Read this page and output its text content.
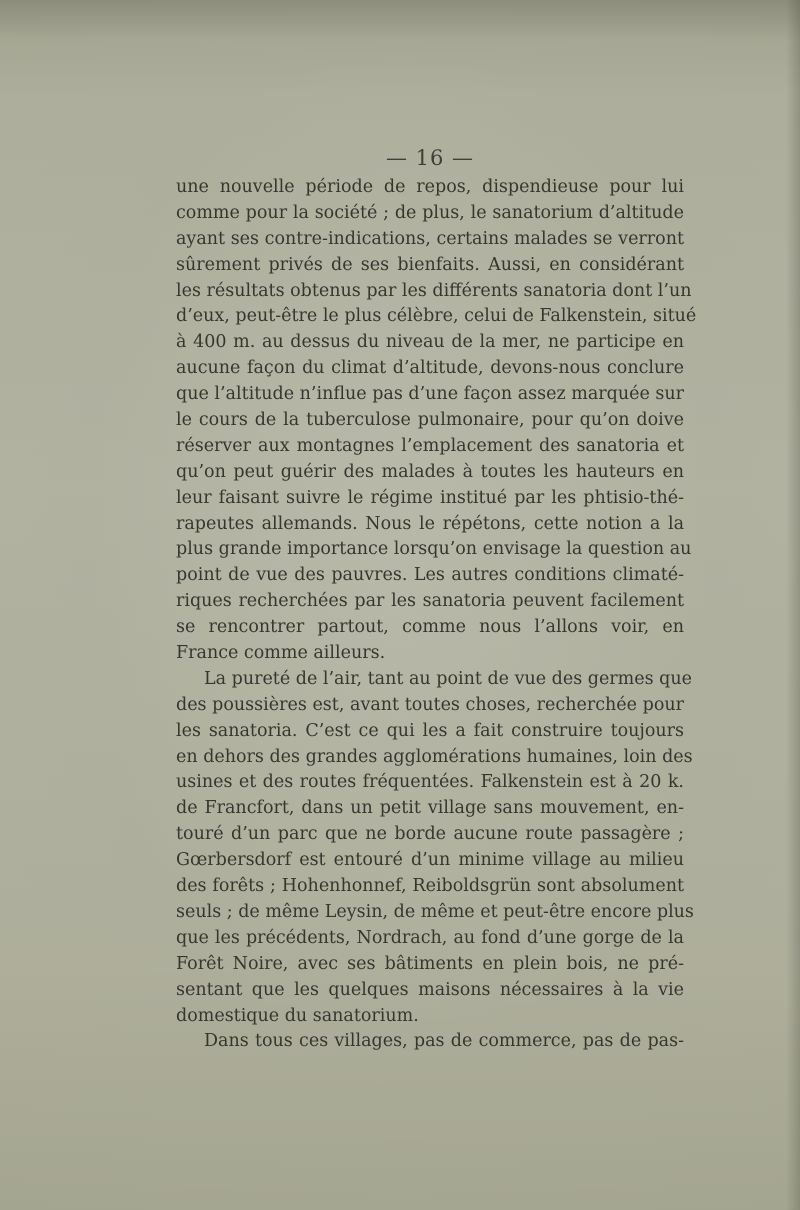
— 16 —
une nouvelle période de repos, dispendieuse pour lui
comme pour la société ; de plus, le sanatorium d’altitude
ayant ses contre-indications, certains malades se verront
sûrement privés de ses bienfaits. Aussi, en considérant
les résultats obtenus par les différents sanatoria dont l’un
d’eux, peut-être le plus célèbre, celui de Falkenstein, situé
à 400 m. au dessus du niveau de la mer, ne participe en
aucune façon du climat d’altitude, devons-nous conclure
que l’altitude n’influe pas d’une façon assez marquée sur
le cours de la tuberculose pulmonaire, pour qu’on doive
réserver aux montagnes l’emplacement des sanatoria et
qu’on peut guérir des malades à toutes les hauteurs en
leur faisant suivre le régime institué par les phtisio-thé-
rapeutes allemands. Nous le répétons, cette notion a la
plus grande importance lorsqu’on envisage la question au
point de vue des pauvres. Les autres conditions climaté-
riques recherchées par les sanatoria peuvent facilement
se rencontrer partout, comme nous l’allons voir, en
France comme ailleurs.
La pureté de l’air, tant au point de vue des germes que
des poussières est, avant toutes choses, recherchée pour
les sanatoria. C’est ce qui les a fait construire toujours
en dehors des grandes agglomérations humaines, loin des
usines et des routes fréquentées. Falkenstein est à 20 k.
de Francfort, dans un petit village sans mouvement, en-
touré d’un parc que ne borde aucune route passagère ;
Gœrbersdorf est entouré d’un minime village au milieu
des forêts ; Hohenhonnef, Reiboldsgrün sont absolument
seuls ; de même Leysin, de même et peut-être encore plus
que les précédents, Nordrach, au fond d’une gorge de la
Forêt Noire, avec ses bâtiments en plein bois, ne pré-
sentant que les quelques maisons nécessaires à la vie
domestique du sanatorium.
Dans tous ces villages, pas de commerce, pas de pas-
